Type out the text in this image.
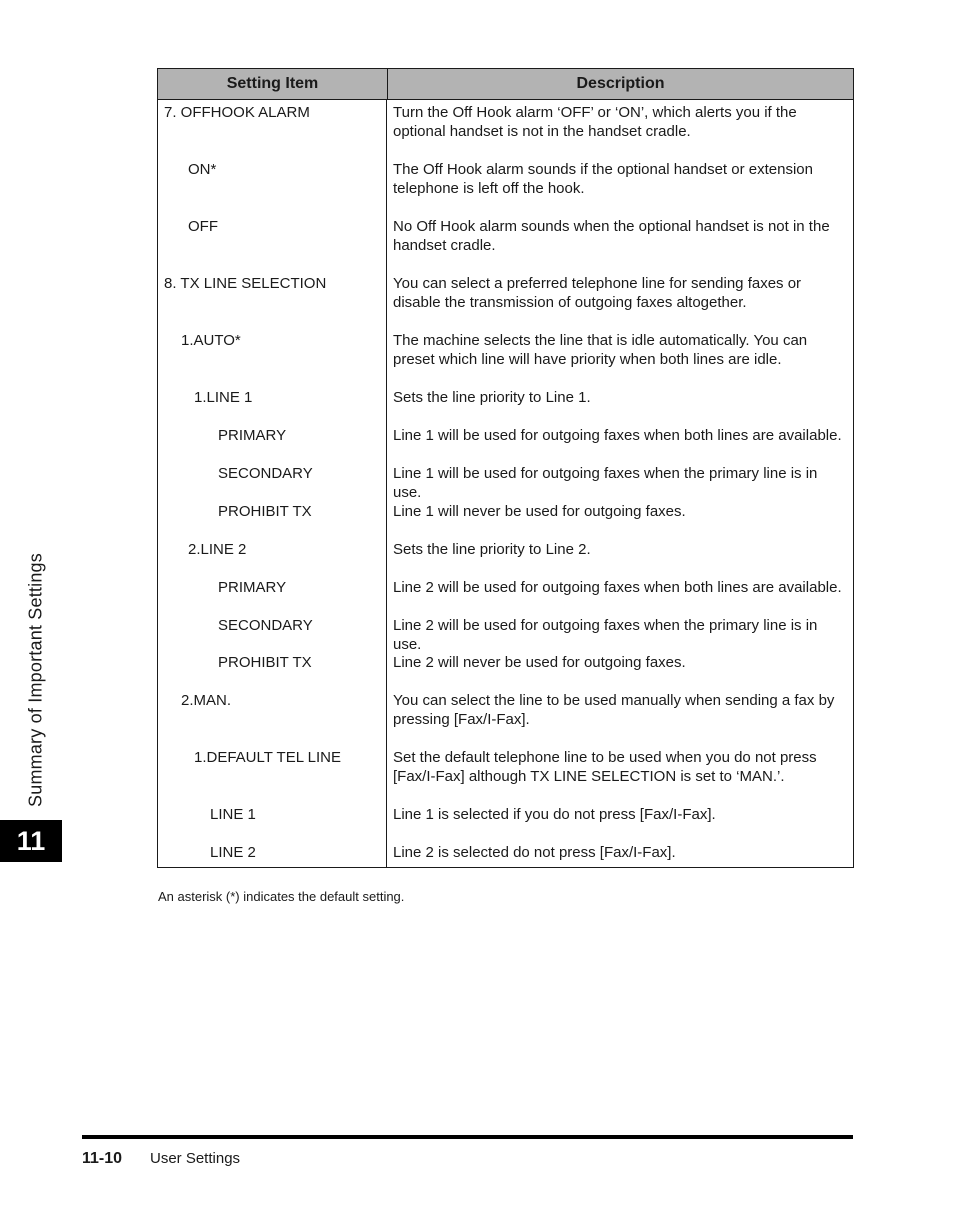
Setting Item	Description
7. OFFHOOK ALARM	Turn the Off Hook alarm ‘OFF’ or ‘ON’, which alerts you if the optional handset is not in the handset cradle.
ON*	The Off Hook alarm sounds if the optional handset or extension telephone is left off the hook.
OFF	No Off Hook alarm sounds when the optional handset is not in the handset cradle.
8. TX LINE SELECTION	You can select a preferred telephone line for sending faxes or disable the transmission of outgoing faxes altogether.
1.AUTO*	The machine selects the line that is idle automatically. You can preset which line will have priority when both lines are idle.
1.LINE 1	Sets the line priority to Line 1.
PRIMARY	Line 1 will be used for outgoing faxes when both lines are available.
SECONDARY	Line 1 will be used for outgoing faxes when the primary line is in use.
PROHIBIT TX	Line 1 will never be used for outgoing faxes.
2.LINE 2	Sets the line priority to Line 2.
PRIMARY	Line 2 will be used for outgoing faxes when both lines are available.
SECONDARY	Line 2 will be used for outgoing faxes when the primary line is in use.
PROHIBIT TX	Line 2 will never be used for outgoing faxes.
2.MAN.	You can select the line to be used manually when sending a fax by pressing [Fax/I-Fax].
1.DEFAULT TEL LINE	Set the default telephone line to be used when you do not press [Fax/I-Fax] although TX LINE SELECTION is set to ‘MAN.’.
LINE 1	Line 1 is selected if you do not press [Fax/I-Fax].
LINE 2	Line 2 is selected do not press [Fax/I-Fax].
An asterisk (*) indicates the default setting.
Summary of Important Settings
11
11-10 User Settings
